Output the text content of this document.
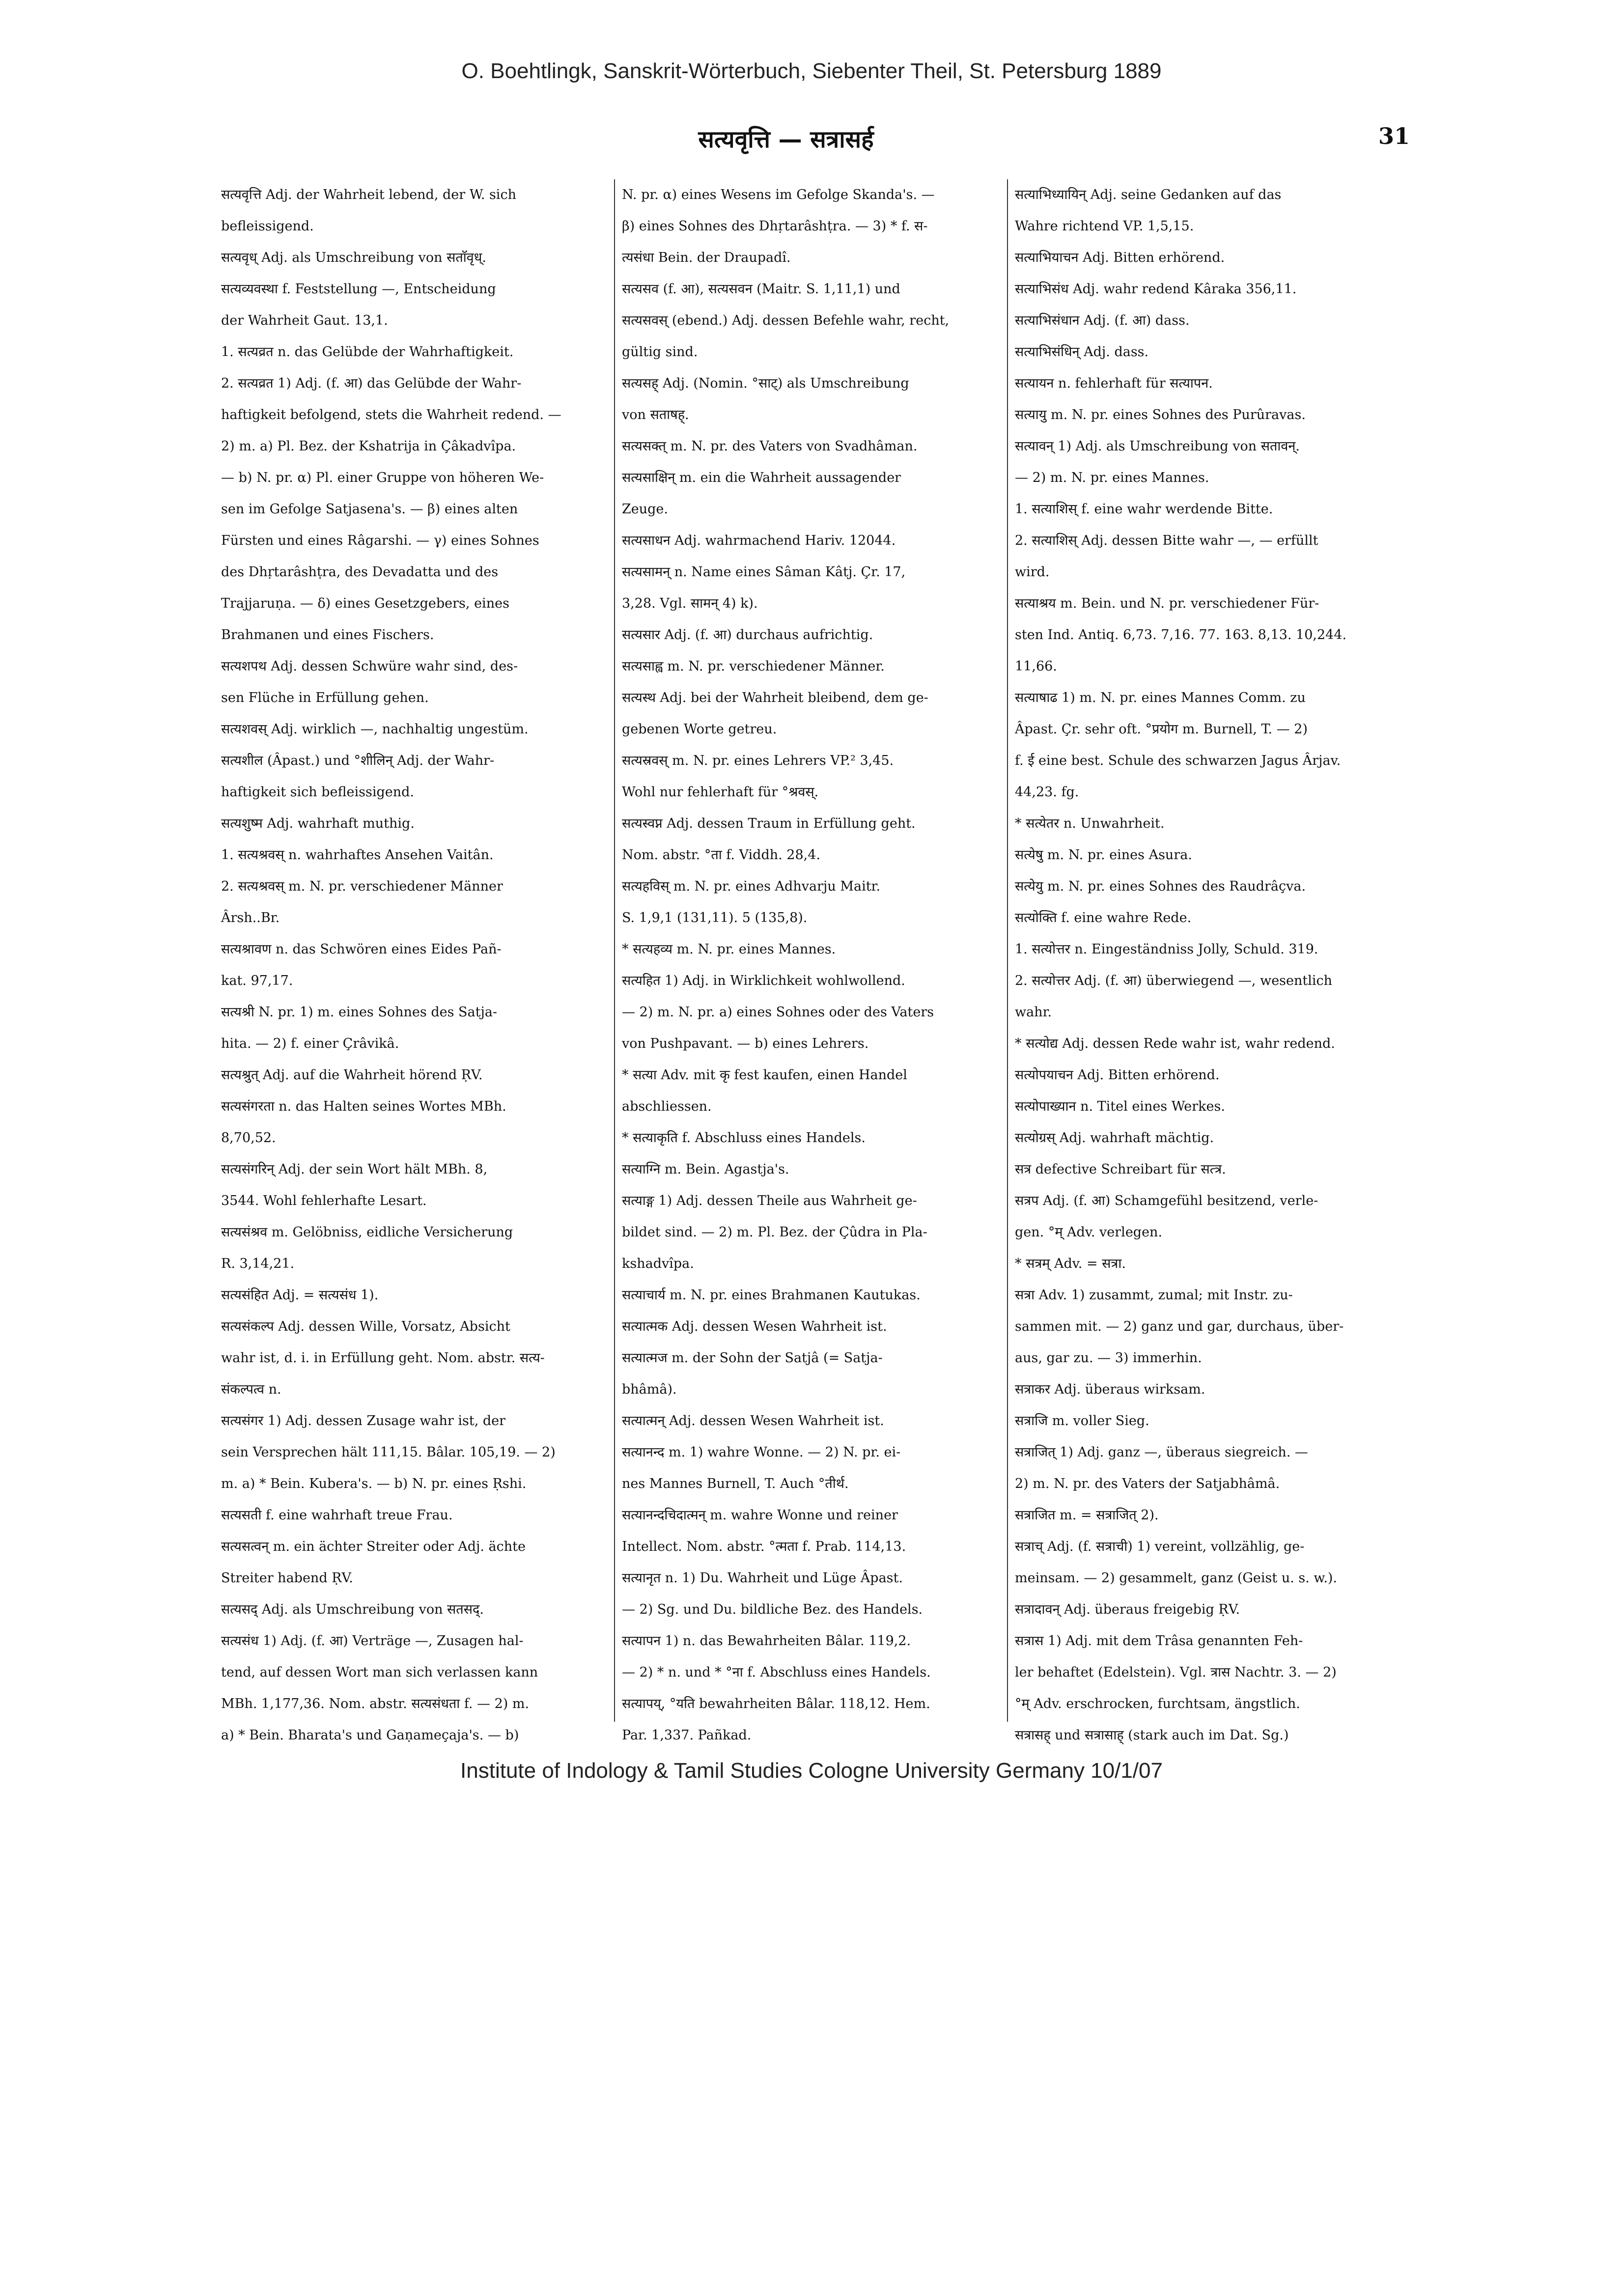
O. Boehtlingk, Sanskrit-Wörterbuch, Siebenter Theil, St. Petersburg 1889
सत्यवृत्ति — सत्रासर्ह	31
सत्यवृत्ति Adj. der Wahrheit lebend, der W. sich
befleissigend.
सत्यवृध् Adj. als Umschreibung von सताॅवृध्.
सत्यव्यवस्था f. Feststellung —, Entscheidung
der Wahrheit Gaut. 13,1.
1. सत्यव्रत n. das Gelübde der Wahrhaftigkeit.
2. सत्यव्रत 1) Adj. (f. आ) das Gelübde der Wahr-
haftigkeit befolgend, stets die Wahrheit redend. —
2) m. a) Pl. Bez. der Kshatrija in Çâkadvîpa.
— b) N. pr. α) Pl. einer Gruppe von höheren We-
sen im Gefolge Satjasena's. — β) eines alten
Fürsten und eines Râgarshi. — γ) eines Sohnes
des Dhṛtarâshṭra, des Devadatta und des
Trajjaruṇa. — δ) eines Gesetzgebers, eines
Brahmanen und eines Fischers.
सत्यशपथ Adj. dessen Schwüre wahr sind, des-
sen Flüche in Erfüllung gehen.
सत्यशवस् Adj. wirklich —, nachhaltig ungestüm.
सत्यशील (Âpast.) und °शीलिन् Adj. der Wahr-
haftigkeit sich befleissigend.
सत्यशुष्म Adj. wahrhaft muthig.
1. सत्यश्रवस् n. wahrhaftes Ansehen Vaitân.
2. सत्यश्रवस् m. N. pr. verschiedener Männer
Ârsh..Br.
सत्यश्रावण n. das Schwören eines Eides Pañ-
kat. 97,17.
सत्यश्री N. pr. 1) m. eines Sohnes des Satja-
hita. — 2) f. einer Çrâvikâ.
सत्यश्रुत् Adj. auf die Wahrheit hörend ṚV.
सत्यसंगरता n. das Halten seines Wortes MBh.
8,70,52.
सत्यसंगरिन् Adj. der sein Wort hält MBh. 8,
3544. Wohl fehlerhafte Lesart.
सत्यसंश्रव m. Gelöbniss, eidliche Versicherung
R. 3,14,21.
सत्यसंहित Adj. = सत्यसंध 1).
सत्यसंकल्प Adj. dessen Wille, Vorsatz, Absicht
wahr ist, d. i. in Erfüllung geht. Nom. abstr. सत्य-
संकल्पत्व n.
सत्यसंगर 1) Adj. dessen Zusage wahr ist, der
sein Versprechen hält 111,15. Bâlar. 105,19. — 2)
m. a) * Bein. Kubera's. — b) N. pr. eines Ṛshi.
सत्यसती f. eine wahrhaft treue Frau.
सत्यसत्वन् m. ein ächter Streiter oder Adj. ächte
Streiter habend ṚV.
सत्यसद् Adj. als Umschreibung von सतसद्.
सत्यसंध 1) Adj. (f. आ) Verträge —, Zusagen hal-
tend, auf dessen Wort man sich verlassen kann
MBh. 1,177,36. Nom. abstr. सत्यसंधता f. — 2) m.
a) * Bein. Bharata's und Gaṇameçaja's. — b)
N. pr. α) eines Wesens im Gefolge Skanda's. —
β) eines Sohnes des Dhṛtarâshṭra. — 3) * f. स-
त्यसंधा Bein. der Draupadî.
सत्यसव (f. आ), सत्यसवन (Maitr. S. 1,11,1) und
सत्यसवस् (ebend.) Adj. dessen Befehle wahr, recht,
gültig sind.
सत्यसह् Adj. (Nomin. °साट्) als Umschreibung
von सताषह्.
सत्यसक्त् m. N. pr. des Vaters von Svadhâman.
सत्यसाक्षिन् m. ein die Wahrheit aussagender
Zeuge.
सत्यसाधन Adj. wahrmachend Hariv. 12044.
सत्यसामन् n. Name eines Sâman Kâtj. Çr. 17,
3,28. Vgl. सामन् 4) k).
सत्यसार Adj. (f. आ) durchaus aufrichtig.
सत्यसाह्व m. N. pr. verschiedener Männer.
सत्यस्थ Adj. bei der Wahrheit bleibend, dem ge-
gebenen Worte getreu.
सत्यस्रवस् m. N. pr. eines Lehrers VP.² 3,45.
Wohl nur fehlerhaft für °श्रवस्.
सत्यस्वप्न Adj. dessen Traum in Erfüllung geht.
Nom. abstr. °ता f. Viddh. 28,4.
सत्यहविस् m. N. pr. eines Adhvarju Maitr.
S. 1,9,1 (131,11). 5 (135,8).
* सत्यहव्य m. N. pr. eines Mannes.
सत्यहित 1) Adj. in Wirklichkeit wohlwollend.
— 2) m. N. pr. a) eines Sohnes oder des Vaters
von Pushpavant. — b) eines Lehrers.
* सत्या Adv. mit कृ fest kaufen, einen Handel
abschliessen.
* सत्याकृति f. Abschluss eines Handels.
सत्याग्नि m. Bein. Agastja's.
सत्याङ्ग 1) Adj. dessen Theile aus Wahrheit ge-
bildet sind. — 2) m. Pl. Bez. der Çûdra in Pla-
kshadvîpa.
सत्याचार्य m. N. pr. eines Brahmanen Kautukas.
सत्यात्मक Adj. dessen Wesen Wahrheit ist.
सत्यात्मज m. der Sohn der Satjâ (= Satja-
bhâmâ).
सत्यात्मन् Adj. dessen Wesen Wahrheit ist.
सत्यानन्द m. 1) wahre Wonne. — 2) N. pr. ei-
nes Mannes Burnell, T. Auch °तीर्थ.
सत्यानन्दचिदात्मन् m. wahre Wonne und reiner
Intellect. Nom. abstr. °त्मता f. Prab. 114,13.
सत्यानृत n. 1) Du. Wahrheit und Lüge Âpast.
— 2) Sg. und Du. bildliche Bez. des Handels.
सत्यापन 1) n. das Bewahrheiten Bâlar. 119,2.
— 2) * n. und * °ना f. Abschluss eines Handels.
सत्यापय्, °यति bewahrheiten Bâlar. 118,12. Hem.
Par. 1,337. Pañkad.
सत्याभिध्यायिन् Adj. seine Gedanken auf das
Wahre richtend VP. 1,5,15.
सत्याभियाचन Adj. Bitten erhörend.
सत्याभिसंध Adj. wahr redend Kâraka 356,11.
सत्याभिसंधान Adj. (f. आ) dass.
सत्याभिसंधिन् Adj. dass.
सत्यायन n. fehlerhaft für सत्यापन.
सत्यायु m. N. pr. eines Sohnes des Purûravas.
सत्यावन् 1) Adj. als Umschreibung von सतावन्.
— 2) m. N. pr. eines Mannes.
1. सत्याशिस् f. eine wahr werdende Bitte.
2. सत्याशिस् Adj. dessen Bitte wahr —, — erfüllt
wird.
सत्याश्रय m. Bein. und N. pr. verschiedener Für-
sten Ind. Antiq. 6,73. 7,16. 77. 163. 8,13. 10,244.
11,66.
सत्याषाढ 1) m. N. pr. eines Mannes Comm. zu
Âpast. Çr. sehr oft. °प्रयोग m. Burnell, T. — 2)
f. ई eine best. Schule des schwarzen Jagus Ârjav.
44,23. fg.
* सत्येतर n. Unwahrheit.
सत्येषु m. N. pr. eines Asura.
सत्येयु m. N. pr. eines Sohnes des Raudrâçva.
सत्योक्ति f. eine wahre Rede.
1. सत्योत्तर n. Eingeständniss Jolly, Schuld. 319.
2. सत्योत्तर Adj. (f. आ) überwiegend —, wesentlich
wahr.
* सत्योद्य Adj. dessen Rede wahr ist, wahr redend.
सत्योपयाचन Adj. Bitten erhörend.
सत्योपाख्यान n. Titel eines Werkes.
सत्योग्रस् Adj. wahrhaft mächtig.
सत्र defective Schreibart für सत्त्र.
सत्रप Adj. (f. आ) Schamgefühl besitzend, verle-
gen. °म् Adv. verlegen.
* सत्रम् Adv. = सत्रा.
सत्रा Adv. 1) zusammt, zumal; mit Instr. zu-
sammen mit. — 2) ganz und gar, durchaus, über-
aus, gar zu. — 3) immerhin.
सत्राकर Adj. überaus wirksam.
सत्राजि m. voller Sieg.
सत्राजित् 1) Adj. ganz —, überaus siegreich. —
2) m. N. pr. des Vaters der Satjabhâmâ.
सत्राजित m. = सत्राजित् 2).
सत्राच् Adj. (f. सत्राची) 1) vereint, vollzählig, ge-
meinsam. — 2) gesammelt, ganz (Geist u. s. w.).
सत्रादावन् Adj. überaus freigebig ṚV.
सत्रास 1) Adj. mit dem Trâsa genannten Feh-
ler behaftet (Edelstein). Vgl. त्रास Nachtr. 3. — 2)
°म् Adv. erschrocken, furchtsam, ängstlich.
सत्रासह् und सत्रासाह् (stark auch im Dat. Sg.)
Institute of Indology & Tamil Studies Cologne University Germany 10/1/07
